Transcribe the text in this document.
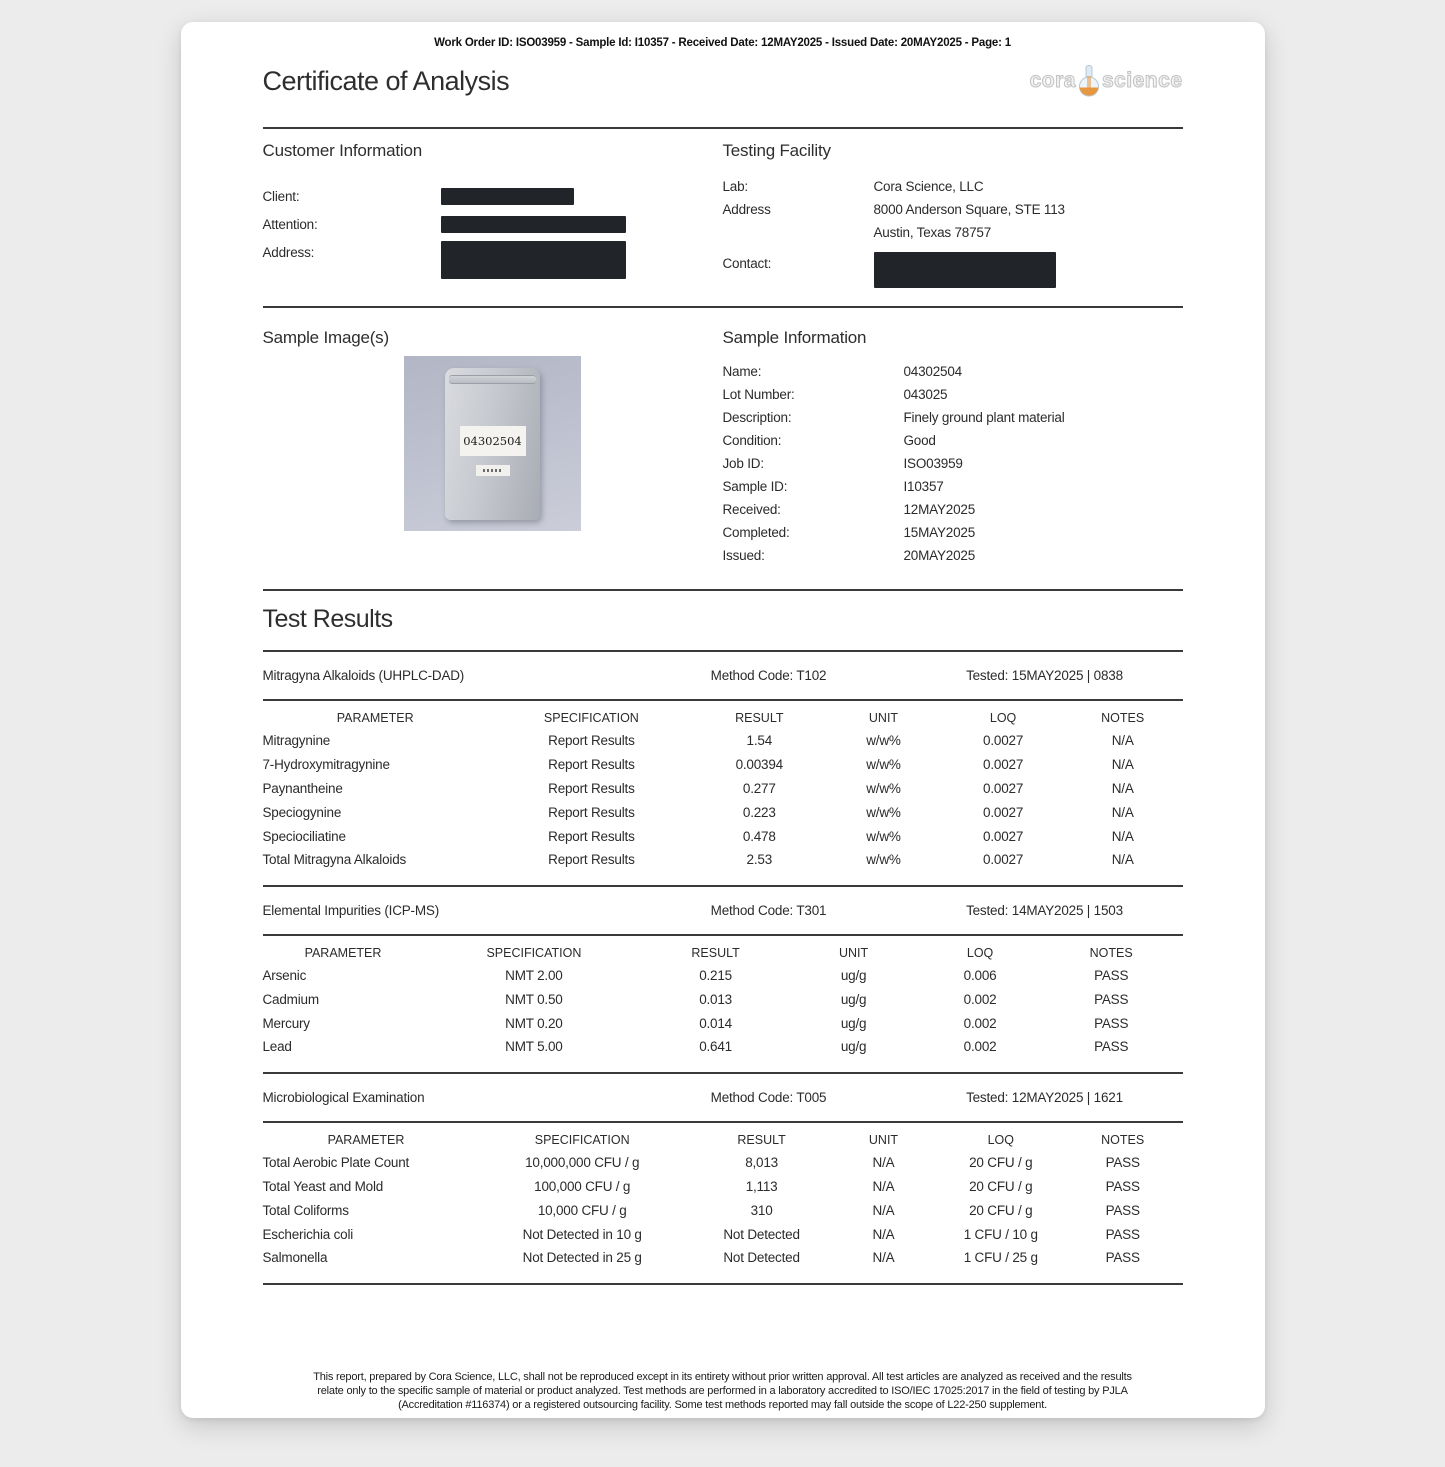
Work Order ID: ISO03959 - Sample Id: I10357 - Received Date: 12MAY2025 - Issued Date: 20MAY2025 - Page: 1
Certificate of Analysis	cora science
Customer Information
Client:
Attention:
Address:
Testing Facility
Lab:	Cora Science, LLC
Address	8000 Anderson Square, STE 113
Austin, Texas 78757
Contact:
Sample Image(s)
04302504
Sample Information
Name:	04302504
Lot Number:	043025
Description:	Finely ground plant material
Condition:	Good
Job ID:	ISO03959
Sample ID:	I10357
Received:	12MAY2025
Completed:	15MAY2025
Issued:	20MAY2025
Test Results
Mitragyna Alkaloids (UHPLC-DAD)	Method Code: T102	Tested: 15MAY2025 | 0838
PARAMETER	SPECIFICATION	RESULT	UNIT	LOQ	NOTES
Mitragynine	Report Results	1.54	w/w%	0.0027	N/A
7-Hydroxymitragynine	Report Results	0.00394	w/w%	0.0027	N/A
Paynantheine	Report Results	0.277	w/w%	0.0027	N/A
Speciogynine	Report Results	0.223	w/w%	0.0027	N/A
Speciociliatine	Report Results	0.478	w/w%	0.0027	N/A
Total Mitragyna Alkaloids	Report Results	2.53	w/w%	0.0027	N/A
Elemental Impurities (ICP-MS)	Method Code: T301	Tested: 14MAY2025 | 1503
PARAMETER	SPECIFICATION	RESULT	UNIT	LOQ	NOTES
Arsenic	NMT 2.00	0.215	ug/g	0.006	PASS
Cadmium	NMT 0.50	0.013	ug/g	0.002	PASS
Mercury	NMT 0.20	0.014	ug/g	0.002	PASS
Lead	NMT 5.00	0.641	ug/g	0.002	PASS
Microbiological Examination	Method Code: T005	Tested: 12MAY2025 | 1621
PARAMETER	SPECIFICATION	RESULT	UNIT	LOQ	NOTES
Total Aerobic Plate Count	10,000,000 CFU / g	8,013	N/A	20 CFU / g	PASS
Total Yeast and Mold	100,000 CFU / g	1,113	N/A	20 CFU / g	PASS
Total Coliforms	10,000 CFU / g	310	N/A	20 CFU / g	PASS
Escherichia coli	Not Detected in 10 g	Not Detected	N/A	1 CFU / 10 g	PASS
Salmonella	Not Detected in 25 g	Not Detected	N/A	1 CFU / 25 g	PASS
This report, prepared by Cora Science, LLC, shall not be reproduced except in its entirety without prior written approval. All test articles are analyzed as received and the results relate only to the specific sample of material or product analyzed. Test methods are performed in a laboratory accredited to ISO/IEC 17025:2017 in the field of testing by PJLA (Accreditation #116374) or a registered outsourcing facility. Some test methods reported may fall outside the scope of L22-250 supplement.
